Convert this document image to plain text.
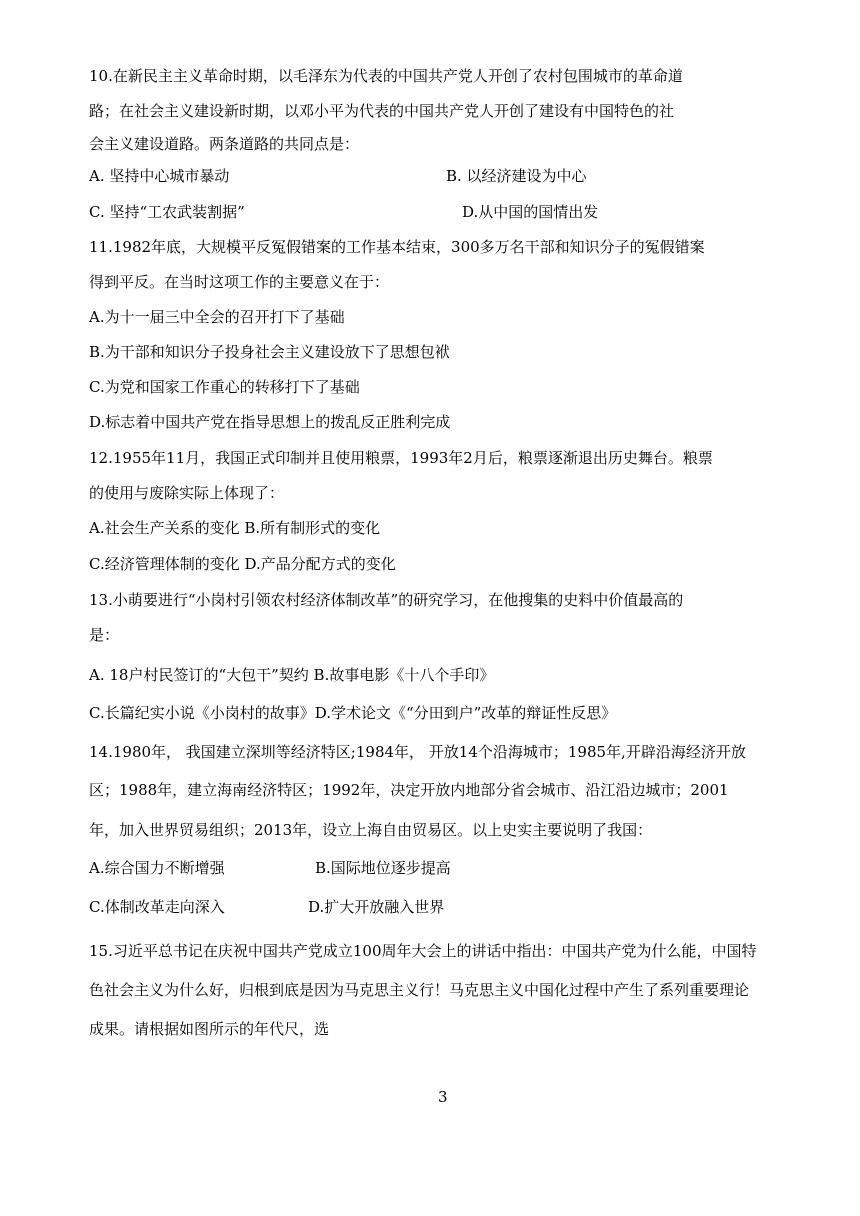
10.在新民主主义革命时期，以毛泽东为代表的中国共产党人开创了农村包围城市的革命道
路；在社会主义建设新时期，以邓小平为代表的中国共产党人开创了建设有中国特色的社
会主义建设道路。两条道路的共同点是：
A. 坚持中心城市暴动	B. 以经济建设为中心
C. 坚持“工农武装割据”	D.从中国的国情出发
11.1982年底，大规模平反冤假错案的工作基本结束，300多万名干部和知识分子的冤假错案
得到平反。在当时这项工作的主要意义在于：
A.为十一届三中全会的召开打下了基础
B.为干部和知识分子投身社会主义建设放下了思想包袱
C.为党和国家工作重心的转移打下了基础
D.标志着中国共产党在指导思想上的拨乱反正胜利完成
12.1955年11月，我国正式印制并且使用粮票，1993年2月后，粮票逐渐退出历史舞台。粮票
的使用与废除实际上体现了：
A.社会生产关系的变化 B.所有制形式的变化
C.经济管理体制的变化 D.产品分配方式的变化
13.小萌要进行“小岗村引领农村经济体制改革”的研究学习，在他搜集的史料中价值最高的
是：
A. 18户村民签订的“大包干”契约 B.故事电影《十八个手印》
C.长篇纪实小说《小岗村的故事》D.学术论文《“分田到户”改革的辩证性反思》
14.1980年， 我国建立深圳等经济特区;1984年， 开放14个沿海城市；1985年,开辟沿海经济开放
区；1988年，建立海南经济特区；1992年，决定开放内地部分省会城市、沿江沿边城市；2001
年，加入世界贸易组织；2013年，设立上海自由贸易区。以上史实主要说明了我国：
A.综合国力不断增强	B.国际地位逐步提高
C.体制改革走向深入	D.扩大开放融入世界
15.习近平总书记在庆祝中国共产党成立100周年大会上的讲话中指出：中国共产党为什么能，中国特
色社会主义为什么好，归根到底是因为马克思主义行！马克思主义中国化过程中产生了系列重要理论
成果。请根据如图所示的年代尺，选
3
